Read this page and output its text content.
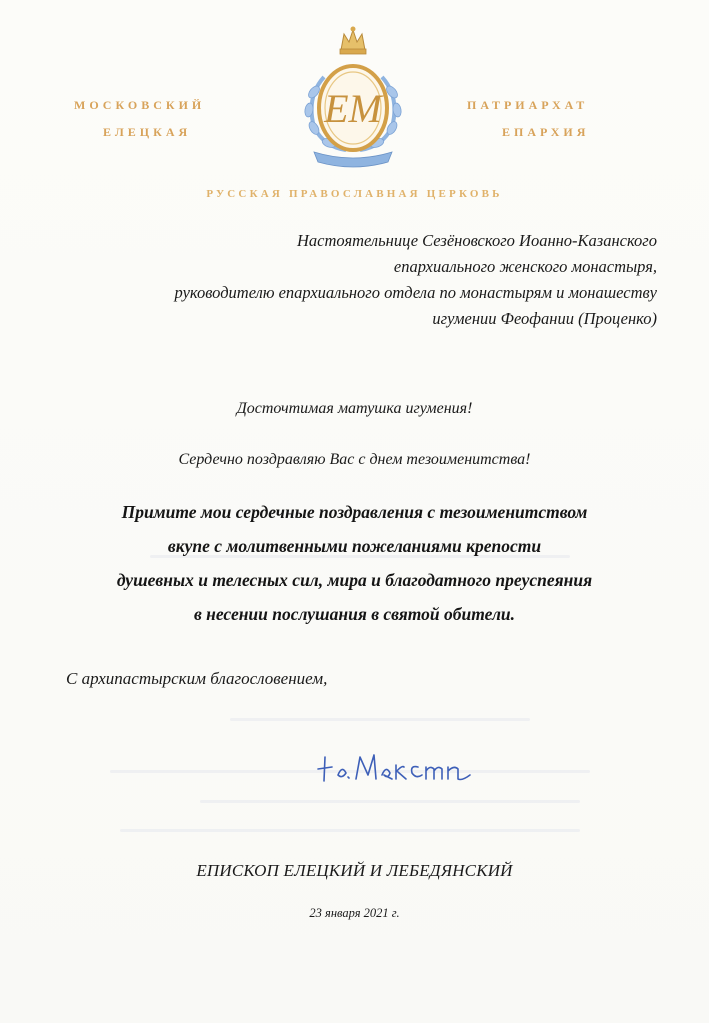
МОСКОВСКИЙ
ЕЛЕЦКАЯ
ПАТРИАРХАТ
ЕПАРХИЯ
ЕМ
РУССКАЯ ПРАВОСЛАВНАЯ ЦЕРКОВЬ
Настоятельнице Сезёновского Иоанно-Казанского
епархиального женского монастыря,
руководителю епархиального отдела по монастырям и монашеству
игумении Феофании (Проценко)
Досточтимая матушка игумения!
Сердечно поздравляю Вас с днем тезоименитства!
Примите мои сердечные поздравления с тезоименитством
вкупе с молитвенными пожеланиями крепости
душевных и телесных сил, мира и благодатного преуспеяния
в несении послушания в святой обители.
С архипастырским благословением,
ЕПИСКОП ЕЛЕЦКИЙ И ЛЕБЕДЯНСКИЙ
23 января 2021 г.
